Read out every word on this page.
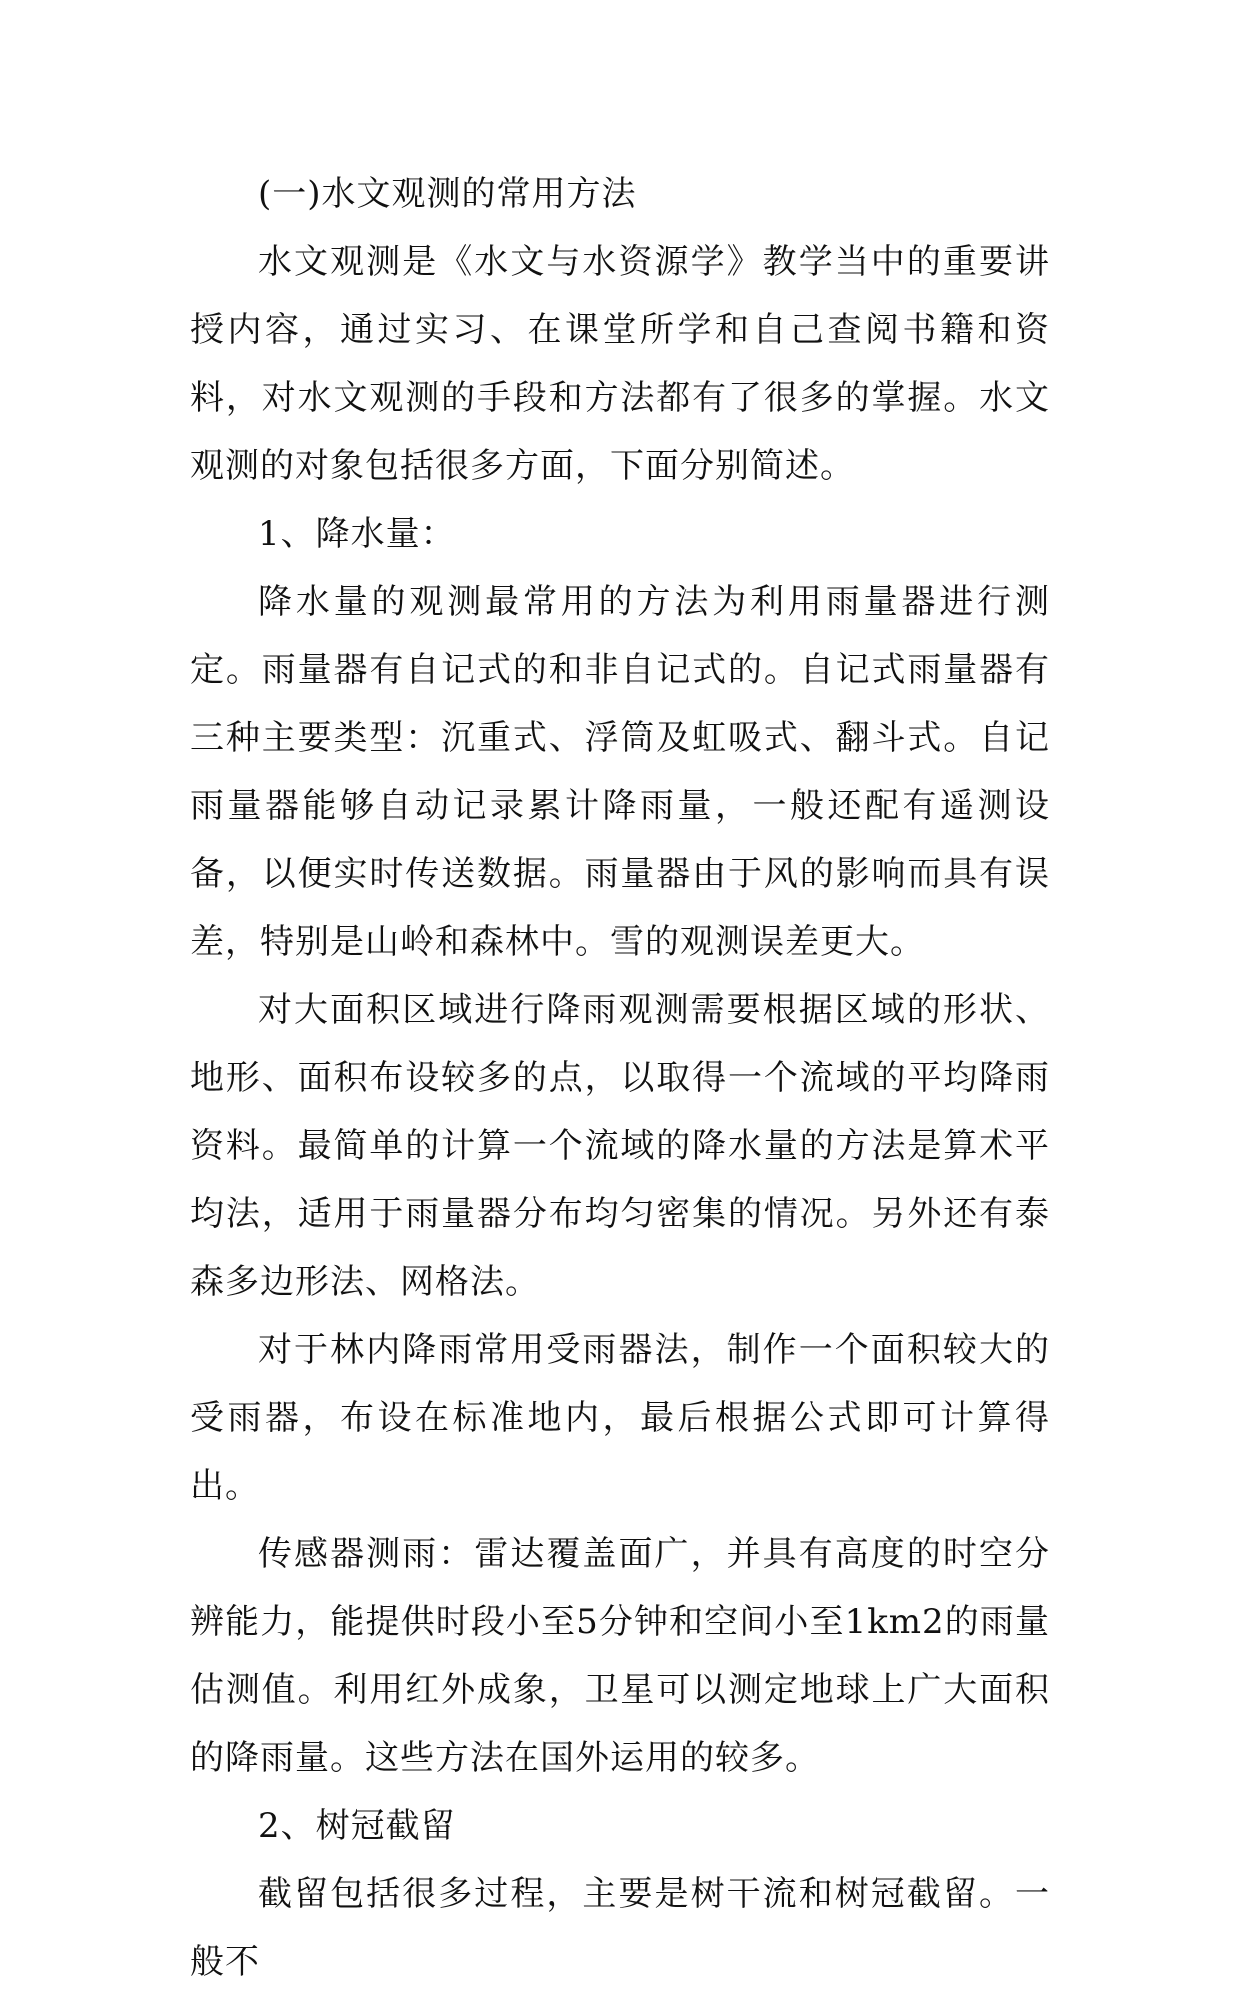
(一)水文观测的常用方法

水文观测是《水文与水资源学》教学当中的重要讲授内容，通过实习、在课堂所学和自己查阅书籍和资料，对水文观测的手段和方法都有了很多的掌握。水文观测的对象包括很多方面，下面分别简述。

1、降水量：

降水量的观测最常用的方法为利用雨量器进行测定。雨量器有自记式的和非自记式的。自记式雨量器有三种主要类型：沉重式、浮筒及虹吸式、翻斗式。自记雨量器能够自动记录累计降雨量，一般还配有遥测设备，以便实时传送数据。雨量器由于风的影响而具有误差，特别是山岭和森林中。雪的观测误差更大。

对大面积区域进行降雨观测需要根据区域的形状、地形、面积布设较多的点，以取得一个流域的平均降雨资料。最简单的计算一个流域的降水量的方法是算术平均法，适用于雨量器分布均匀密集的情况。另外还有泰森多边形法、网格法。

对于林内降雨常用受雨器法，制作一个面积较大的受雨器，布设在标准地内，最后根据公式即可计算得出。

传感器测雨：雷达覆盖面广，并具有高度的时空分辨能力，能提供时段小至5分钟和空间小至1km2的雨量估测值。利用红外成象，卫星可以测定地球上广大面积的降雨量。这些方法在国外运用的较多。

2、树冠截留

截留包括很多过程，主要是树干流和树冠截留。一般不
